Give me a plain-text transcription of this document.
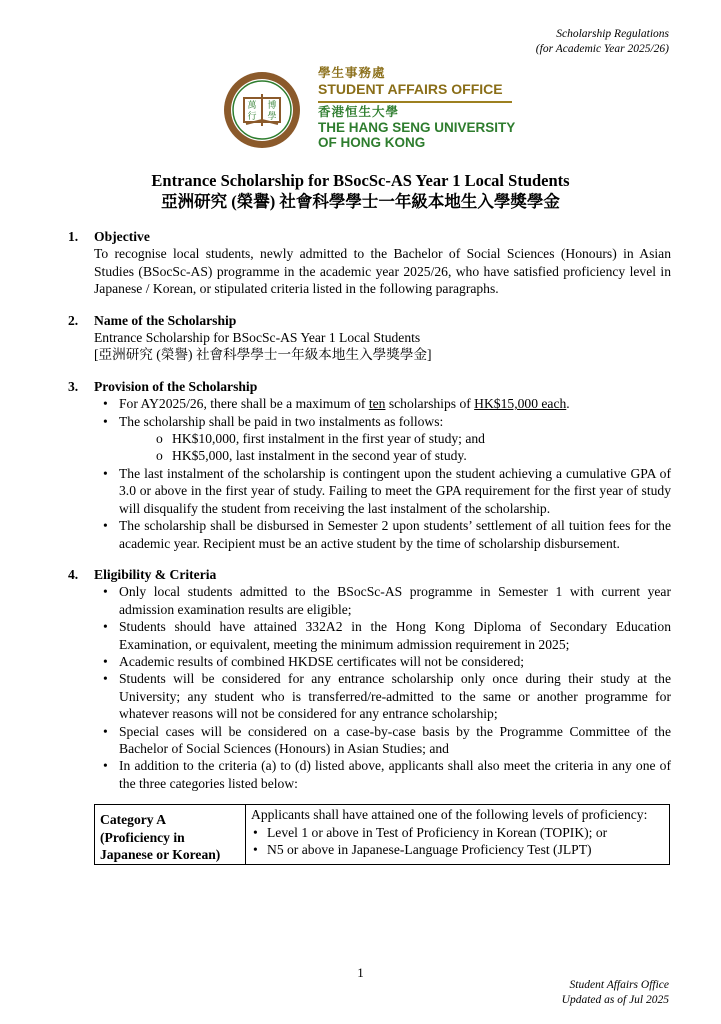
Scholarship Regulations
(for Academic Year 2025/26)
萬 博
行 學
學生事務處
STUDENT AFFAIRS OFFICE
香港恒生大學
THE HANG SENG UNIVERSITY
OF HONG KONG
Entrance Scholarship for BSocSc-AS Year 1 Local Students
亞洲研究 (榮譽) 社會科學學士一年級本地生入學獎學金
1. Objective
To recognise local students, newly admitted to the Bachelor of Social Sciences (Honours) in Asian Studies (BSocSc-AS) programme in the academic year 2025/26, who have satisfied proficiency level in Japanese / Korean, or stipulated criteria listed in the following paragraphs.
2. Name of the Scholarship
Entrance Scholarship for BSocSc-AS Year 1 Local Students
[亞洲研究 (榮譽) 社會科學學士一年級本地生入學獎學金]
3. Provision of the Scholarship
• For AY2025/26, there shall be a maximum of ten scholarships of HK$15,000 each.
• The scholarship shall be paid in two instalments as follows:
o HK$10,000, first instalment in the first year of study; and
o HK$5,000, last instalment in the second year of study.
• The last instalment of the scholarship is contingent upon the student achieving a cumulative GPA of 3.0 or above in the first year of study. Failing to meet the GPA requirement for the first year of study will disqualify the student from receiving the last instalment of the scholarship.
• The scholarship shall be disbursed in Semester 2 upon students’ settlement of all tuition fees for the academic year. Recipient must be an active student by the time of scholarship disbursement.
4. Eligibility & Criteria
• Only local students admitted to the BSocSc-AS programme in Semester 1 with current year admission examination results are eligible;
• Students should have attained 332A2 in the Hong Kong Diploma of Secondary Education Examination, or equivalent, meeting the minimum admission requirement in 2025;
• Academic results of combined HKDSE certificates will not be considered;
• Students will be considered for any entrance scholarship only once during their study at the University; any student who is transferred/re-admitted to the same or another programme for whatever reasons will not be considered for any entrance scholarship;
• Special cases will be considered on a case-by-case basis by the Programme Committee of the Bachelor of Social Sciences (Honours) in Asian Studies; and
• In addition to the criteria (a) to (d) listed above, applicants shall also meet the criteria in any one of the three categories listed below:
Category A
(Proficiency in
Japanese or Korean)

Applicants shall have attained one of the following levels of proficiency:
• Level 1 or above in Test of Proficiency in Korean (TOPIK); or
• N5 or above in Japanese-Language Proficiency Test (JLPT)
1
Student Affairs Office
Updated as of Jul 2025
